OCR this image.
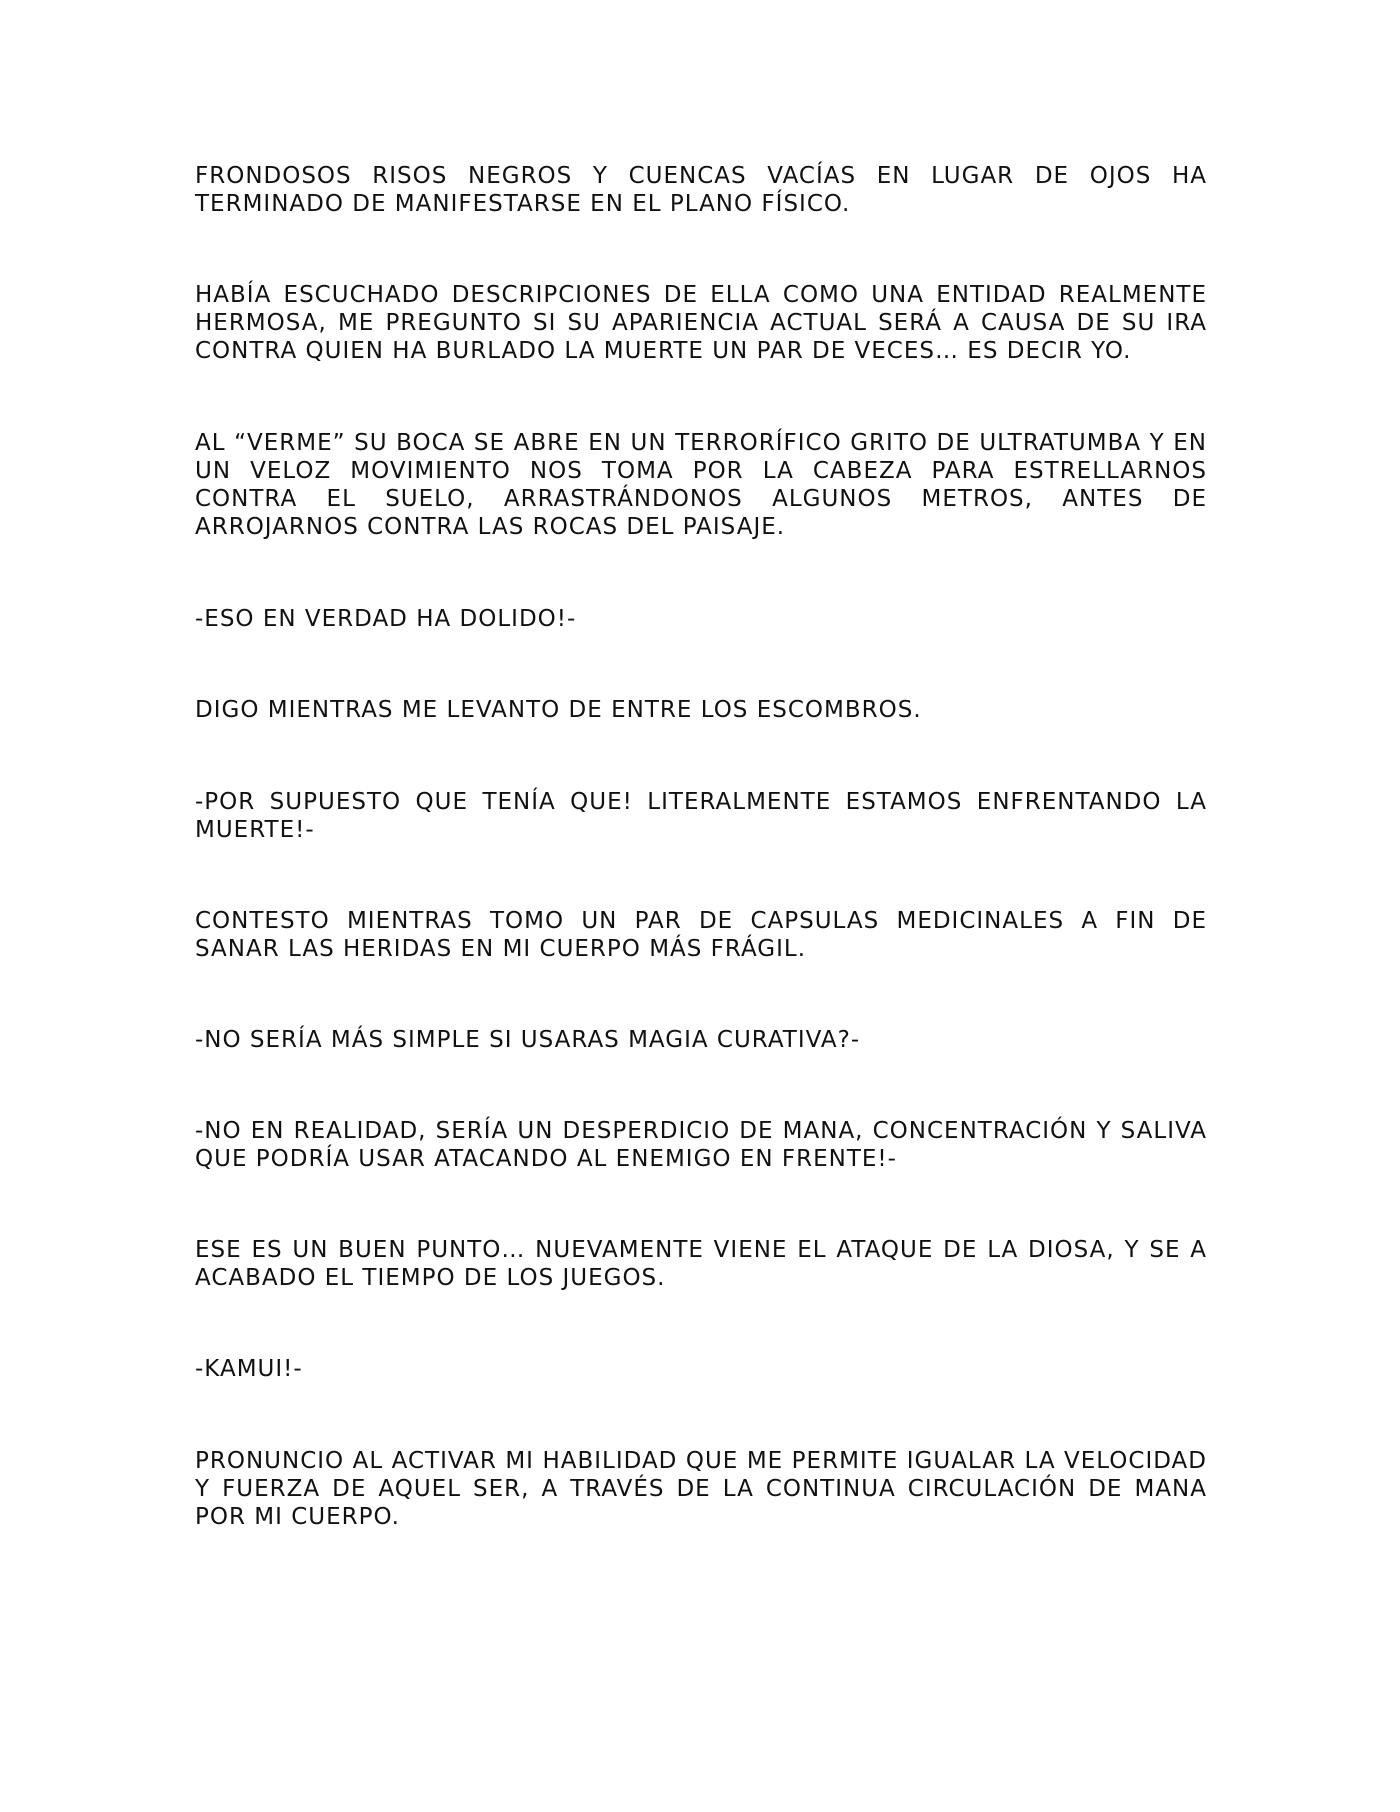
FRONDOSOS RISOS NEGROS Y CUENCAS VACÍAS EN LUGAR DE OJOS HA TERMINADO DE MANIFESTARSE EN EL PLANO FÍSICO.

HABÍA ESCUCHADO DESCRIPCIONES DE ELLA COMO UNA ENTIDAD REALMENTE HERMOSA, ME PREGUNTO SI SU APARIENCIA ACTUAL SERÁ A CAUSA DE SU IRA CONTRA QUIEN HA BURLADO LA MUERTE UN PAR DE VECES… ES DECIR YO.

AL “VERME” SU BOCA SE ABRE EN UN TERRORÍFICO GRITO DE ULTRATUMBA Y EN UN VELOZ MOVIMIENTO NOS TOMA POR LA CABEZA PARA ESTRELLARNOS CONTRA EL SUELO, ARRASTRÁNDONOS ALGUNOS METROS, ANTES DE ARROJARNOS CONTRA LAS ROCAS DEL PAISAJE.

-ESO EN VERDAD HA DOLIDO!-

DIGO MIENTRAS ME LEVANTO DE ENTRE LOS ESCOMBROS.

-POR SUPUESTO QUE TENÍA QUE! LITERALMENTE ESTAMOS ENFRENTANDO LA MUERTE!-

CONTESTO MIENTRAS TOMO UN PAR DE CAPSULAS MEDICINALES A FIN DE SANAR LAS HERIDAS EN MI CUERPO MÁS FRÁGIL.

-NO SERÍA MÁS SIMPLE SI USARAS MAGIA CURATIVA?-

-NO EN REALIDAD, SERÍA UN DESPERDICIO DE MANA, CONCENTRACIÓN Y SALIVA QUE PODRÍA USAR ATACANDO AL ENEMIGO EN FRENTE!-

ESE ES UN BUEN PUNTO… NUEVAMENTE VIENE EL ATAQUE DE LA DIOSA, Y SE A ACABADO EL TIEMPO DE LOS JUEGOS.

-KAMUI!-

PRONUNCIO AL ACTIVAR MI HABILIDAD QUE ME PERMITE IGUALAR LA VELOCIDAD Y FUERZA DE AQUEL SER, A TRAVÉS DE LA CONTINUA CIRCULACIÓN DE MANA POR MI CUERPO.
